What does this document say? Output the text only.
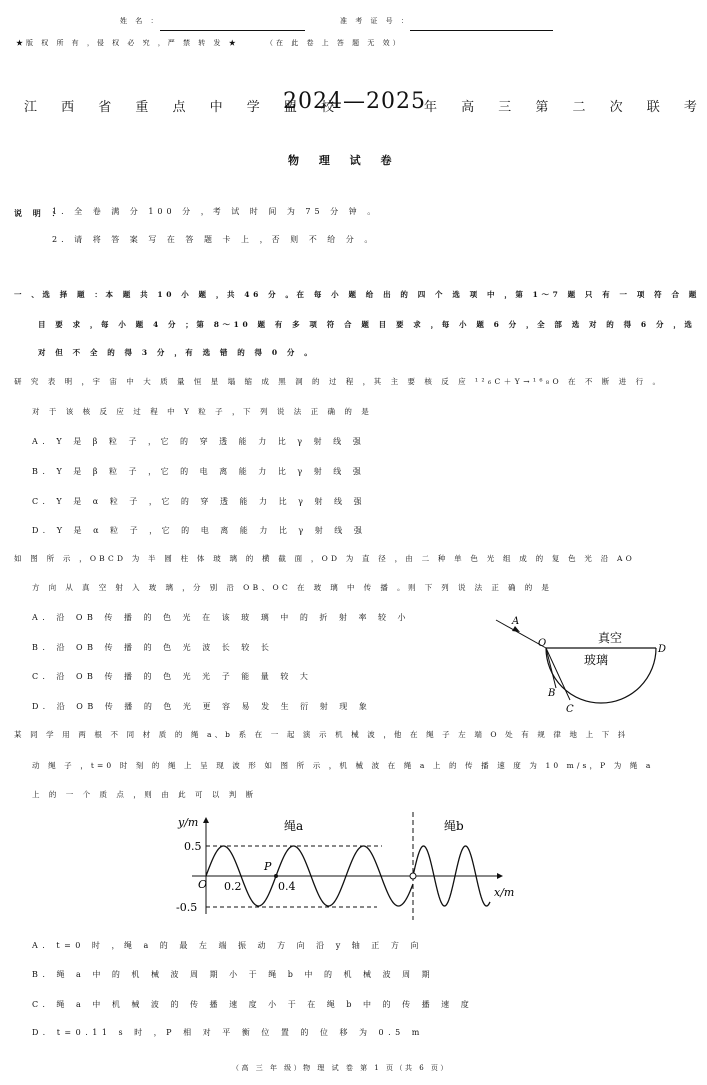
姓 名 ：	准 考 证 号 ：
★版 权 所 有 ，侵 权 必 究 ，严 禁 转 发 ★	（在 此 卷 上 答 题 无 效）
江 西 省 重 点 中 学 盟 校
2024—2025
年 高 三 第 二 次 联 考
物 理 试 卷
说 明 ：
1. 全 卷 满 分 100 分 ，考 试 时 间 为 75 分 钟 。
2. 请 将 答 案 写 在 答 题 卡 上 ，否 则 不 给 分 。
一 、选 择 题 ：本 题 共 10 小 题 ，共 46 分 。在 每 小 题 给 出 的 四 个 选 项 中 ，第 1～7 题 只 有 一 项 符 合 题
目 要 求 ，每 小 题 4 分 ；第 8～10 题 有 多 项 符 合 题 目 要 求 ，每 小 题 6 分 ，全 部 选 对 的 得 6 分 ，选
对 但 不 全 的 得 3 分 ，有 选 错 的 得 0 分 。
研 究 表 明 ，宇 宙 中 大 质 量 恒 星 塌 缩 成 黑 洞 的 过 程 ，其 主 要 核 反 应 ¹²₆C＋Y→¹⁶₈O 在 不 断 进 行 。
对 于 该 核 反 应 过 程 中 Y 粒 子 ，下 列 说 法 正 确 的 是
A. Y 是 β 粒 子 ，它 的 穿 透 能 力 比 γ 射 线 强
B. Y 是 β 粒 子 ，它 的 电 离 能 力 比 γ 射 线 强
C. Y 是 α 粒 子 ，它 的 穿 透 能 力 比 γ 射 线 强
D. Y 是 α 粒 子 ，它 的 电 离 能 力 比 γ 射 线 强
如 图 所 示 ，OBCD 为 半 圆 柱 体 玻 璃 的 横 截 面 ，OD 为 直 径 ，由 二 种 单 色 光 组 成 的 复 色 光 沿 AO
方 向 从 真 空 射 入 玻 璃 ，分 别 沿 OB、OC 在 玻 璃 中 传 播 。则 下 列 说 法 正 确 的 是
A. 沿 OB 传 播 的 色 光 在 该 玻 璃 中 的 折 射 率 较 小
B. 沿 OB 传 播 的 色 光 波 长 较 长
C. 沿 OB 传 播 的 色 光 光 子 能 量 较 大
D. 沿 OB 传 播 的 色 光 更 容 易 发 生 衍 射 现 象
A
O
D
B
C
真空
玻璃
某 同 学 用 两 根 不 同 材 质 的 绳 a、b 系 在 一 起 演 示 机 械 波 ，他 在 绳 子 左 端 O 处 有 规 律 地 上 下 抖
动 绳 子 ，t=0 时 刻 的 绳 上 呈 现 波 形 如 图 所 示 ，机 械 波 在 绳 a 上 的 传 播 速 度 为 10 m/s，P 为 绳 a
上 的 一 个 质 点 ，则 由 此 可 以 判 断
y/m
x/m
绳a	绳b
0.5
-0.5
0.2	0.4
O
P
A. t=0 时 ，绳 a 的 最 左 端 振 动 方 向 沿 y 轴 正 方 向
B. 绳 a 中 的 机 械 波 周 期 小 于 绳 b 中 的 机 械 波 周 期
C. 绳 a 中 机 械 波 的 传 播 速 度 小 于 在 绳 b 中 的 传 播 速 度
D. t=0.11 s 时 ，P 相 对 平 衡 位 置 的 位 移 为 0.5 m
（高 三 年 级）物 理 试 卷 第 1 页（共 6 页）
